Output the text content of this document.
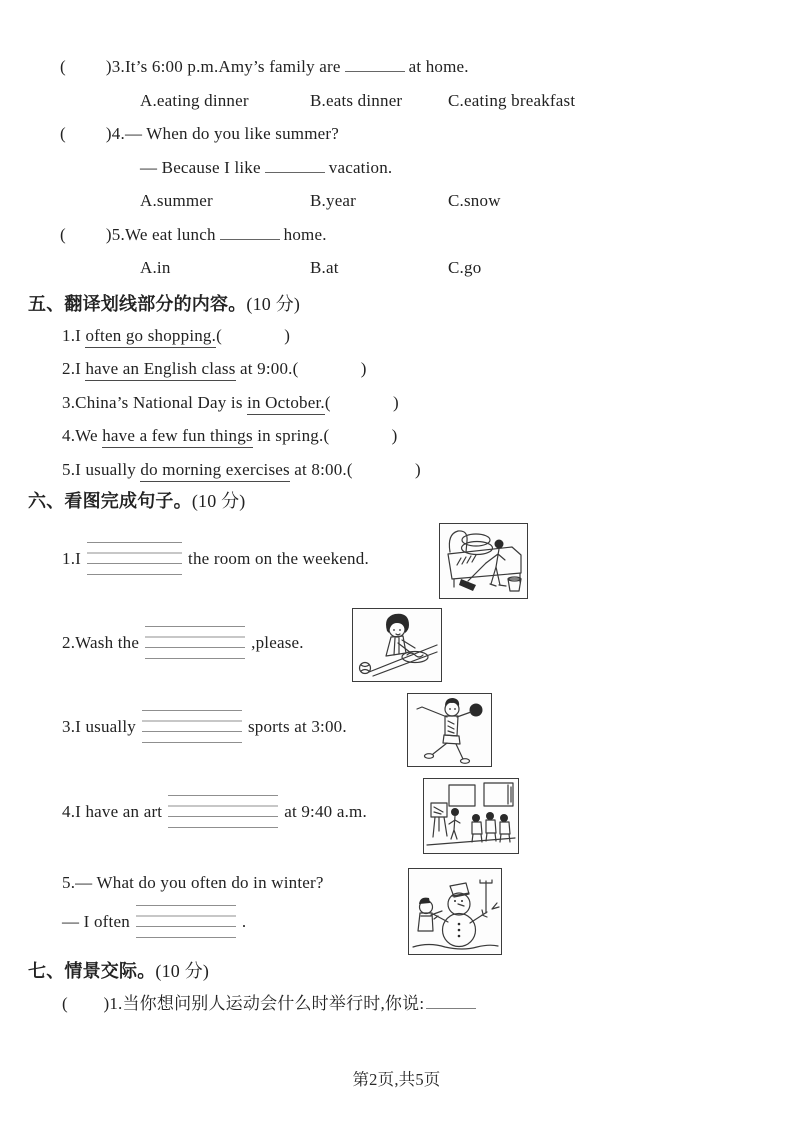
(         )3.It’s 6:00 p.m.Amy’s family are	at home.
A.eating dinner	B.eats dinner	C.eating breakfast
(         )4.— When do you like summer?
— Because I like	vacation.
A.summer	B.year	C.snow
(         )5.We eat lunch	home.
A.in	B.at	C.go
五、翻译划线部分的内容。(10 分)
1.I often go shopping.(              )
2.I have an English class at 9:00.(              )
3.China’s National Day is in October.(              )
4.We have a few fun things in spring.(              )
5.I usually do morning exercises at 8:00.(              )
六、看图完成句子。(10 分)
1.I	the room on the weekend.
2.Wash the	,please.
3.I usually	sports at 3:00.
4.I have an art	at 9:40 a.m.
5.— What do you often do in winter?
— I often	.
七、情景交际。(10 分)
(        )1.当你想问别人运动会什么时举行时,你说:
第2页,共5页
